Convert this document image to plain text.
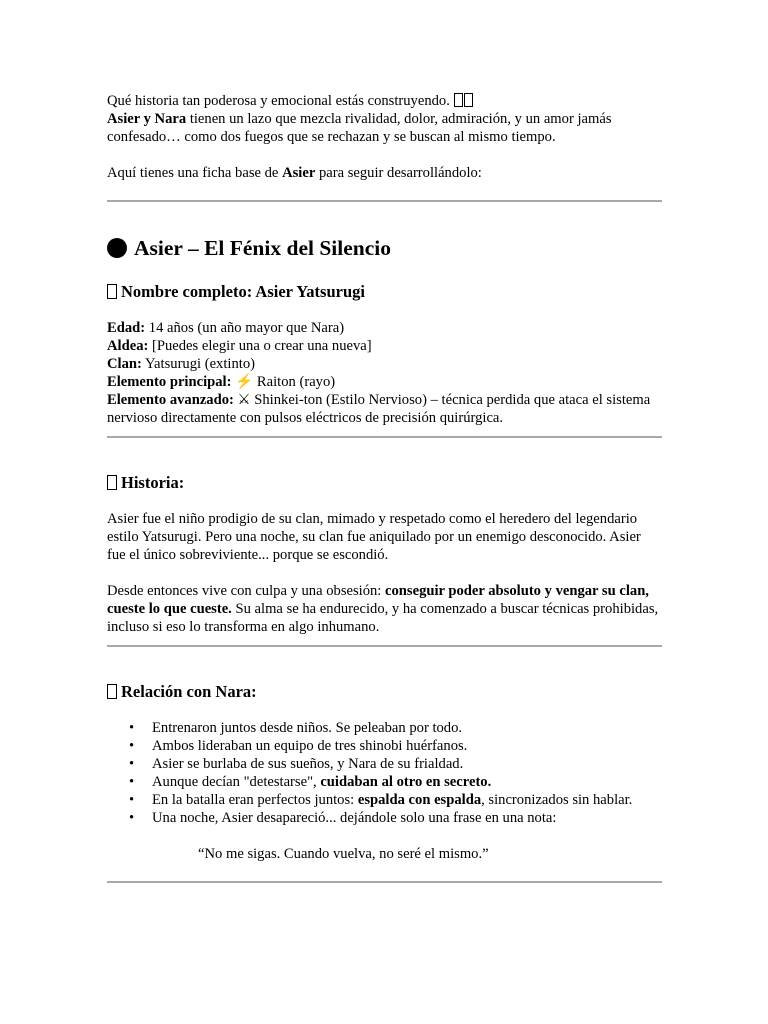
Qué historia tan poderosa y emocional estás construyendo.

Asier y Nara tienen un lazo que mezcla rivalidad, dolor, admiración, y un amor jamás confesado… como dos fuegos que se rechazan y se buscan al mismo tiempo.

Aquí tienes una ficha base de Asier para seguir desarrollándolo:

Asier – El Fénix del Silencio
Nombre completo: Asier Yatsurugi

Edad: 14 años (un año mayor que Nara)

Aldea: [Puedes elegir una o crear una nueva]

Clan: Yatsurugi (extinto)

Elemento principal: ⚡ Raiton (rayo)

Elemento avanzado: ⚔ Shinkei-ton (Estilo Nervioso) – técnica perdida que ataca el sistema nervioso directamente con pulsos eléctricos de precisión quirúrgica.

Historia:

Asier fue el niño prodigio de su clan, mimado y respetado como el heredero del legendario estilo Yatsurugi. Pero una noche, su clan fue aniquilado por un enemigo desconocido. Asier fue el único sobreviviente... porque se escondió.

Desde entonces vive con culpa y una obsesión: conseguir poder absoluto y vengar su clan, cueste lo que cueste. Su alma se ha endurecido, y ha comenzado a buscar técnicas prohibidas, incluso si eso lo transforma en algo inhumano.

Relación con Nara:
• Entrenaron juntos desde niños. Se peleaban por todo.
• Ambos lideraban un equipo de tres shinobi huérfanos.
• Asier se burlaba de sus sueños, y Nara de su frialdad.
• Aunque decían "detestarse", cuidaban al otro en secreto.
• En la batalla eran perfectos juntos: espalda con espalda, sincronizados sin hablar.
• Una noche, Asier desapareció... dejándole solo una frase en una nota:

“No me sigas. Cuando vuelva, no seré el mismo.”
